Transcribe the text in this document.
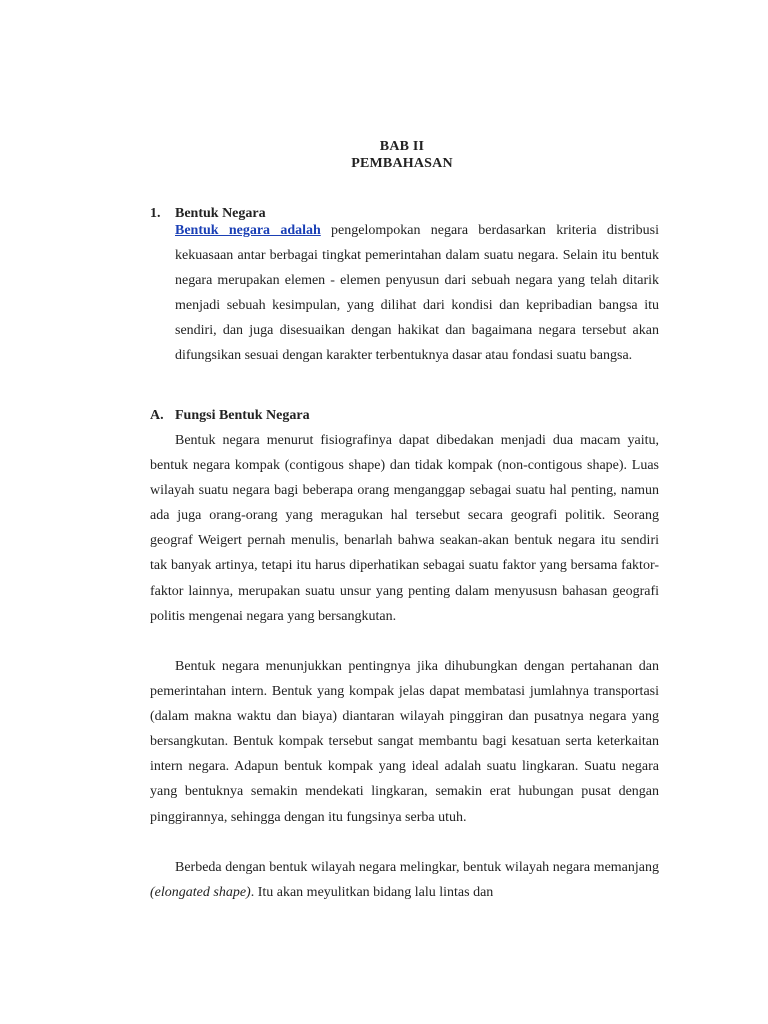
BAB II
PEMBAHASAN
1. Bentuk Negara

Bentuk negara adalah pengelompokan negara berdasarkan kriteria distribusi kekuasaan antar berbagai tingkat pemerintahan dalam suatu negara. Selain itu bentuk negara merupakan elemen - elemen penyusun dari sebuah negara yang telah ditarik menjadi sebuah kesimpulan, yang dilihat dari kondisi dan kepribadian bangsa itu sendiri, dan juga disesuaikan dengan hakikat dan bagaimana negara tersebut akan difungsikan sesuai dengan karakter terbentuknya dasar atau fondasi suatu bangsa.

A. Fungsi Bentuk Negara

Bentuk negara menurut fisiografinya dapat dibedakan menjadi dua macam yaitu, bentuk negara kompak (contigous shape) dan tidak kompak (non-contigous shape). Luas wilayah suatu negara bagi beberapa orang menganggap sebagai suatu hal penting, namun ada juga orang-orang yang meragukan hal tersebut secara geografi politik. Seorang geograf Weigert pernah menulis, benarlah bahwa seakan-akan bentuk negara itu sendiri tak banyak artinya, tetapi itu harus diperhatikan sebagai suatu faktor yang bersama faktor-faktor lainnya, merupakan suatu unsur yang penting dalam menyususn bahasan geografi politis mengenai negara yang bersangkutan.

Bentuk negara menunjukkan pentingnya jika dihubungkan dengan pertahanan dan pemerintahan intern. Bentuk yang kompak jelas dapat membatasi jumlahnya transportasi (dalam makna waktu dan biaya) diantaran wilayah pinggiran dan pusatnya negara yang bersangkutan. Bentuk kompak tersebut sangat membantu bagi kesatuan serta keterkaitan intern negara. Adapun bentuk kompak yang ideal adalah suatu lingkaran. Suatu negara yang bentuknya semakin mendekati lingkaran, semakin erat hubungan pusat dengan pinggirannya, sehingga dengan itu fungsinya serba utuh.

Berbeda dengan bentuk wilayah negara melingkar, bentuk wilayah negara memanjang (elongated shape). Itu akan meyulitkan bidang lalu lintas dan
